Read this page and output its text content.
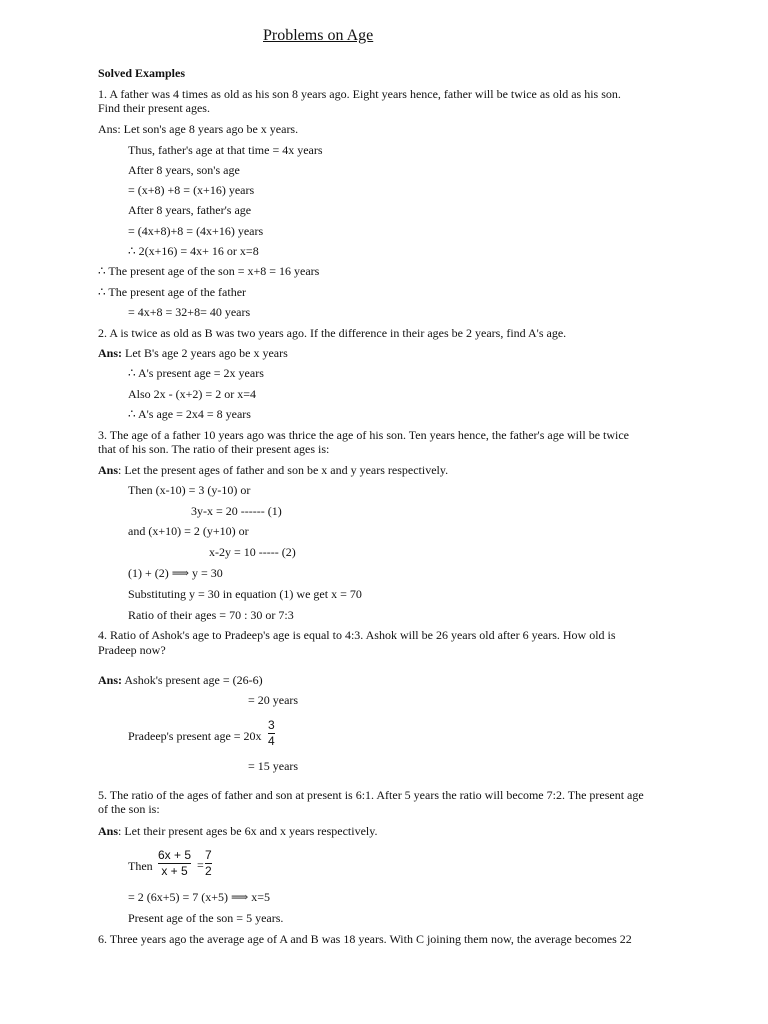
Problems on Age
Solved Examples
1. A father was 4 times as old as his son 8 years ago. Eight years hence, father will be twice as old as his son.
Find their present ages.
Ans: Let son's age 8 years ago be x years.
Thus, father's age at that time = 4x years
After 8 years, son's age
= (x+8) +8 = (x+16) years
After 8 years, father's age
= (4x+8)+8 = (4x+16) years
∴ 2(x+16) = 4x+ 16 or x=8
∴ The present age of the son = x+8 = 16 years
∴ The present age of the father
= 4x+8 = 32+8= 40 years
2. A is twice as old as B was two years ago. If the difference in their ages be 2 years, find A's age.
Ans: Let B's age 2 years ago be x years
∴ A's present age = 2x years
Also 2x - (x+2) = 2 or x=4
∴ A's age = 2x4 = 8 years
3. The age of a father 10 years ago was thrice the age of his son. Ten years hence, the father's age will be twice
that of his son. The ratio of their present ages is:
Ans: Let the present ages of father and son be x and y years respectively.
Then (x-10) = 3 (y-10) or
3y-x = 20 ------ (1)
and (x+10) = 2 (y+10) or
x-2y = 10 ----- (2)
(1) + (2) ⟹ y = 30
Substituting y = 30 in equation (1) we get x = 70
Ratio of their ages = 70 : 30 or 7:3
4. Ratio of Ashok's age to Pradeep's age is equal to 4:3. Ashok will be 26 years old after 6 years. How old is
Pradeep now?
Ans: Ashok's present age = (26-6)
= 20 years
Pradeep's present age = 20x
3
4
= 15 years
5. The ratio of the ages of father and son at present is 6:1. After 5 years the ratio will become 7:2. The present age
of the son is:
Ans: Let their present ages be 6x and x years respectively.
Then
6x + 5
x + 5 =
7
2
= 2 (6x+5) = 7 (x+5) ⟹ x=5
Present age of the son = 5 years.
6. Three years ago the average age of A and B was 18 years. With C joining them now, the average becomes 22
